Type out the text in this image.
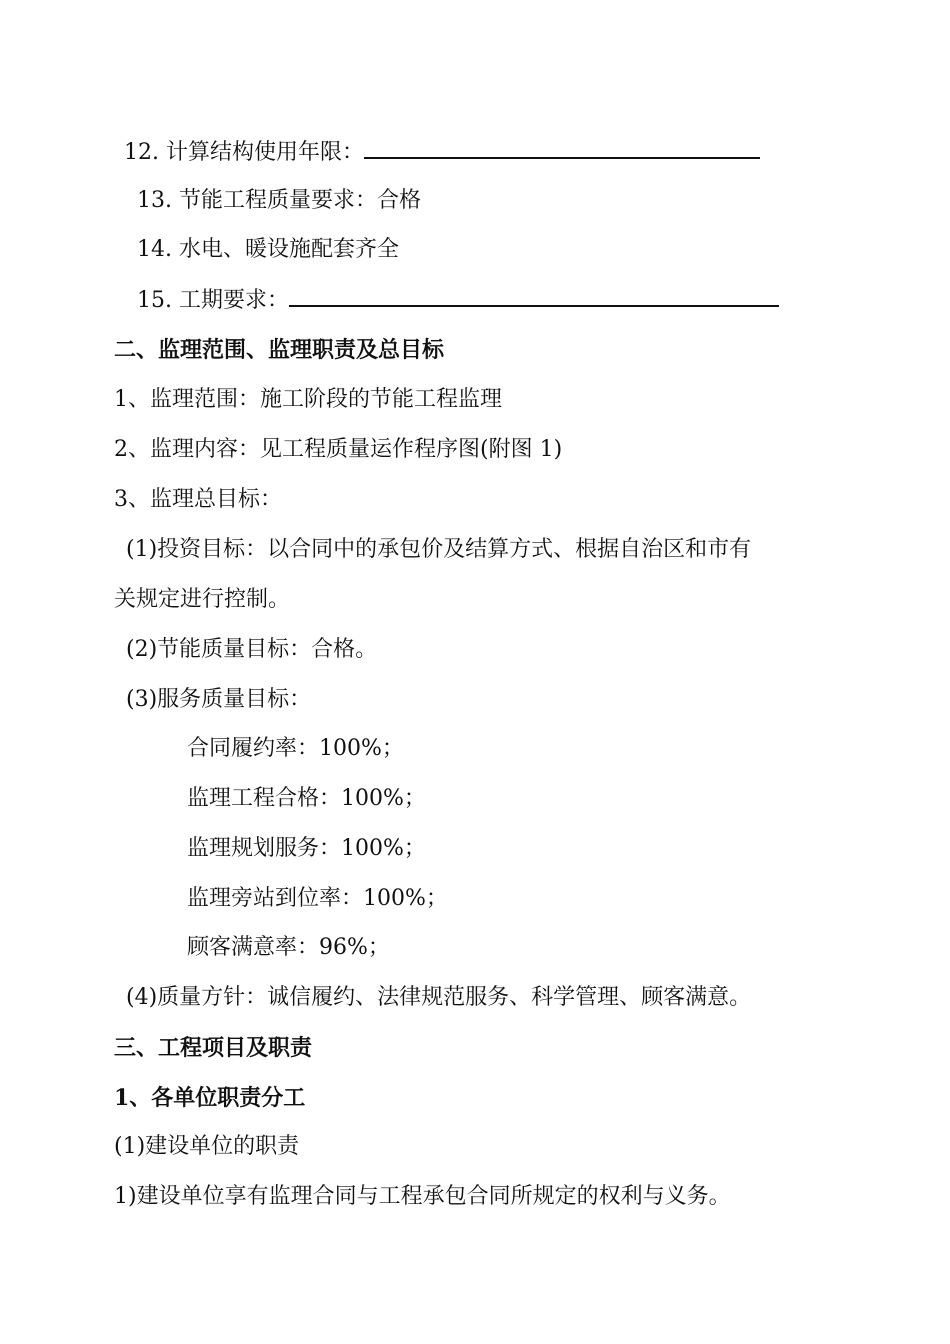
12. 计算结构使用年限：
13. 节能工程质量要求：合格
14. 水电、暖设施配套齐全
15. 工期要求：
二、监理范围、监理职责及总目标
1、监理范围：施工阶段的节能工程监理
2、监理内容：见工程质量运作程序图(附图 1)
3、监理总目标：
(1)投资目标：以合同中的承包价及结算方式、根据自治区和市有
关规定进行控制。
(2)节能质量目标：合格。
(3)服务质量目标：
合同履约率：100%；
监理工程合格：100%；
监理规划服务：100%；
监理旁站到位率：100%；
顾客满意率：96%；
(4)质量方针：诚信履约、法律规范服务、科学管理、顾客满意。
三、工程项目及职责
1、各单位职责分工
(1)建设单位的职责
1)建设单位享有监理合同与工程承包合同所规定的权利与义务。
